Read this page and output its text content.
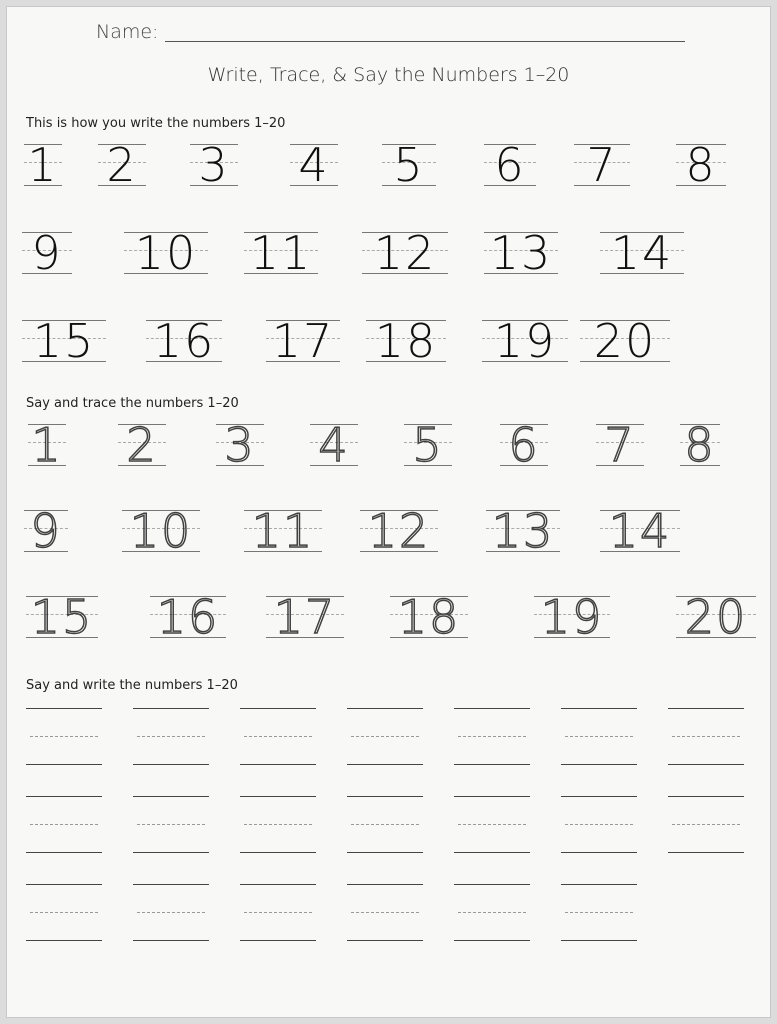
Name:
Write, Trace, & Say the Numbers 1–20
This is how you write the numbers 1–20
Say and trace the numbers 1–20
Say and write the numbers 1–20
1 2 3 4 5 6 7 8
9 10 11 12 13 14
15 16 17 18 19 20
1 2 3 4 5 6 7 8
9 10 11 12 13 14
15 16 17 18 19 20
